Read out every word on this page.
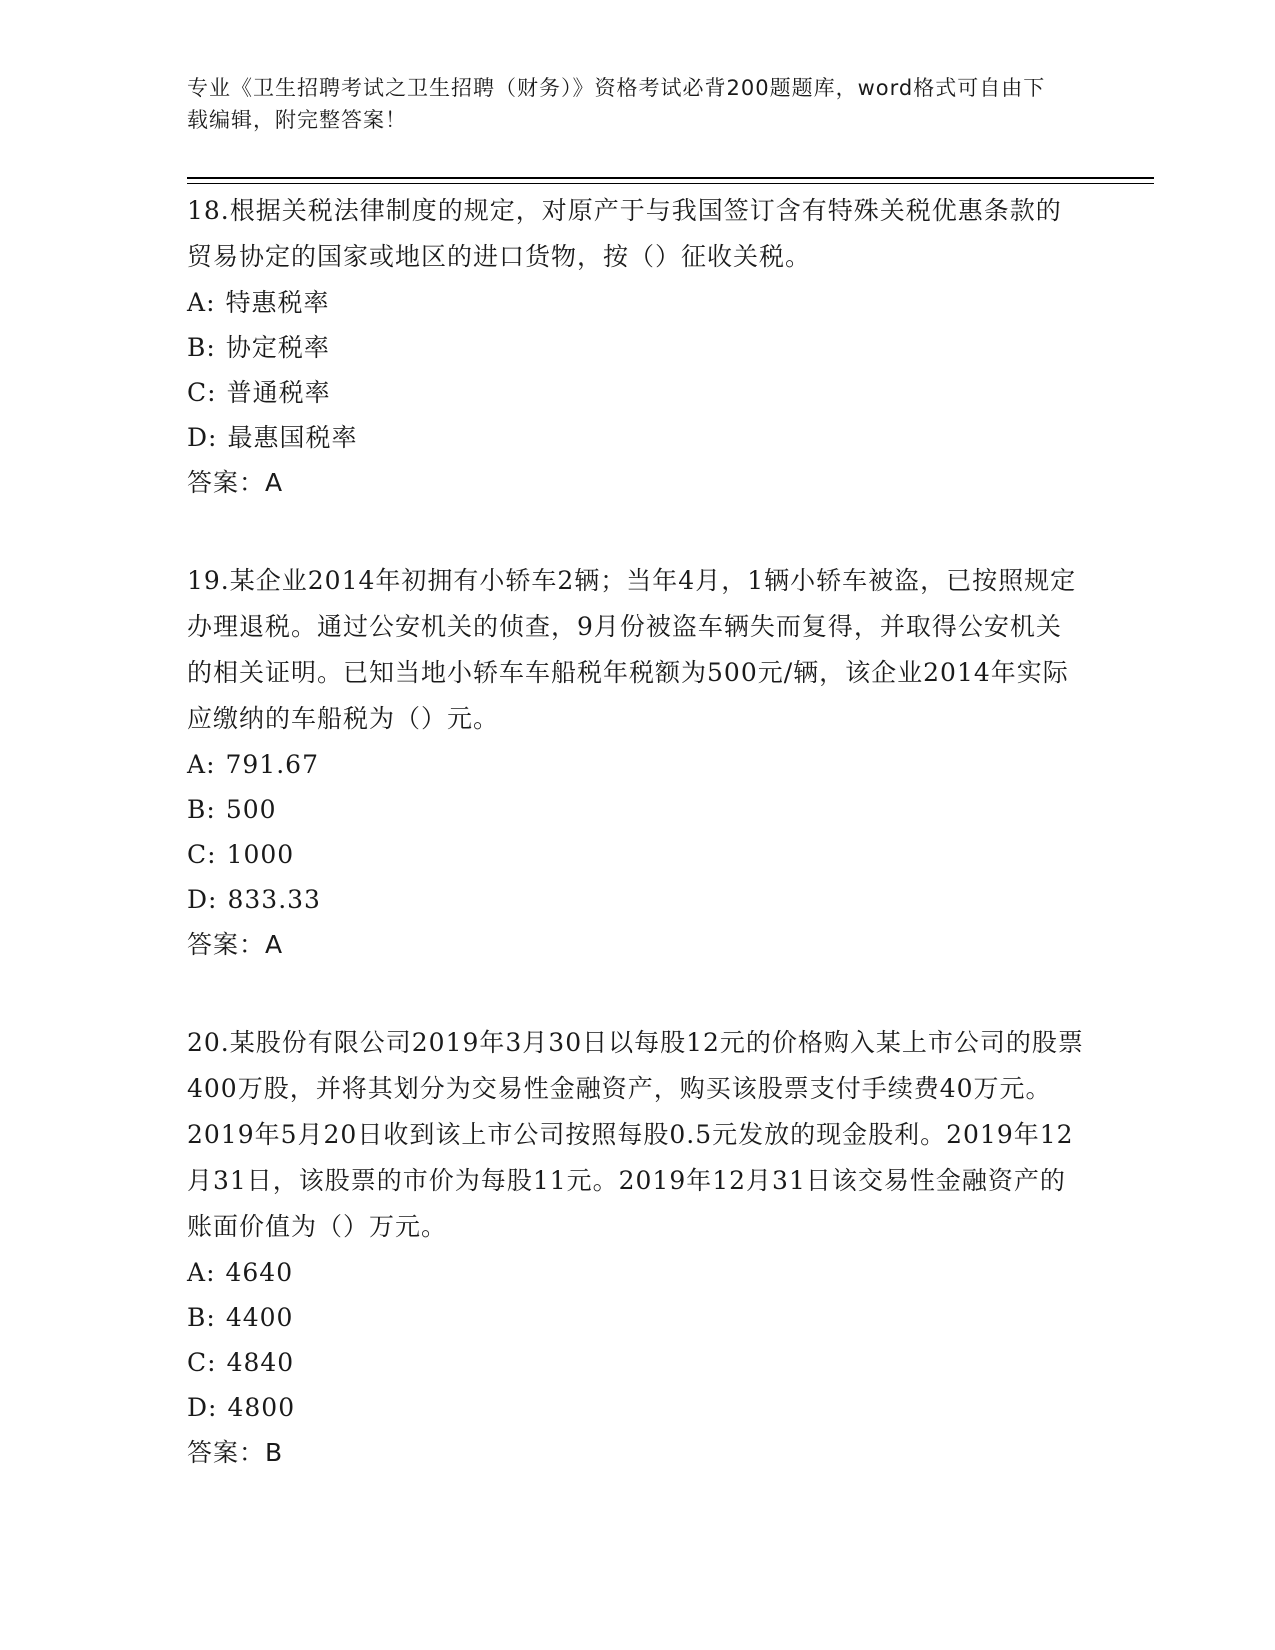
专业《卫生招聘考试之卫生招聘（财务）》资格考试必背200题题库，word格式可自由下载编辑，附完整答案！

18.根据关税法律制度的规定，对原产于与我国签订含有特殊关税优惠条款的贸易协定的国家或地区的进口货物，按（）征收关税。

A: 特惠税率
B: 协定税率
C: 普通税率
D: 最惠国税率
答案：A

19.某企业2014年初拥有小轿车2辆；当年4月，1辆小轿车被盗，已按照规定办理退税。通过公安机关的侦查，9月份被盗车辆失而复得，并取得公安机关的相关证明。已知当地小轿车车船税年税额为500元/辆，该企业2014年实际应缴纳的车船税为（）元。

A: 791.67
B: 500
C: 1000
D: 833.33
答案：A

20.某股份有限公司2019年3月30日以每股12元的价格购入某上市公司的股票400万股，并将其划分为交易性金融资产，购买该股票支付手续费40万元。2019年5月20日收到该上市公司按照每股0.5元发放的现金股利。2019年12月31日，该股票的市价为每股11元。2019年12月31日该交易性金融资产的账面价值为（）万元。

A: 4640
B: 4400
C: 4840
D: 4800
答案：B
